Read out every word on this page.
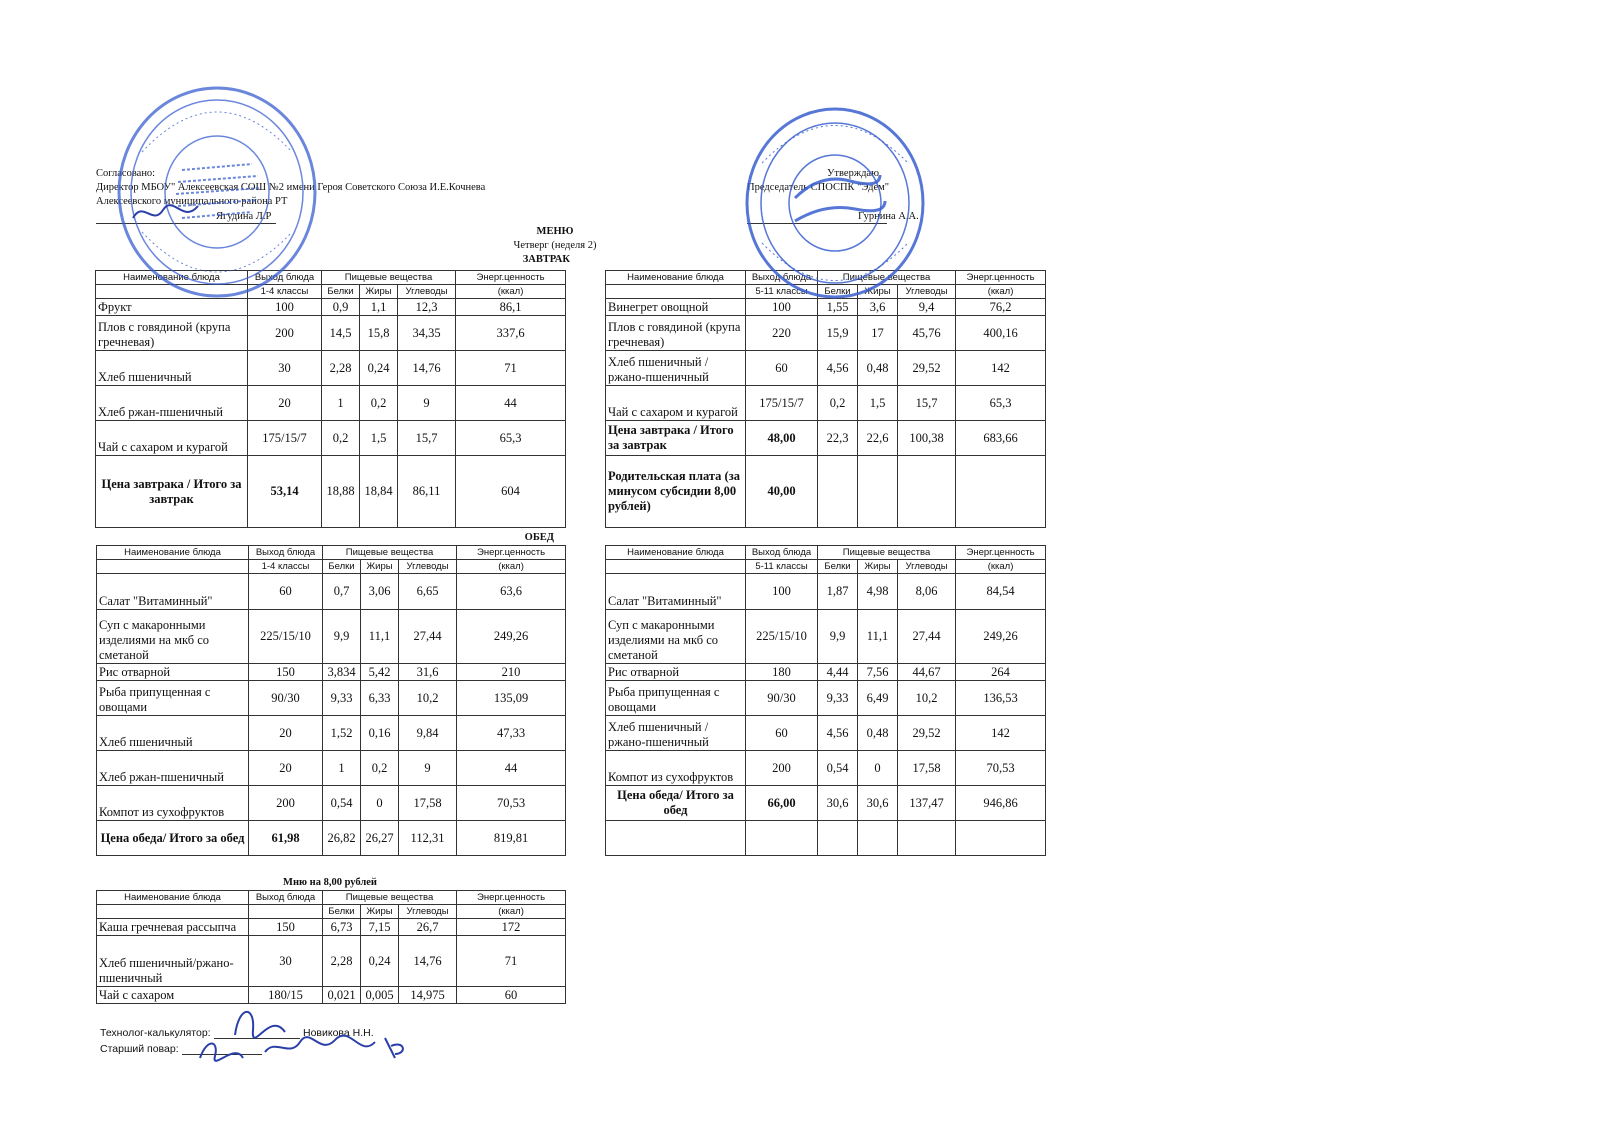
Согласовано:
Директор МБОУ" Алексеевская СОШ №2 имени Героя Советского Союза И.Е.Кочнева
Алексеевского муниципального района РТ

Ягудина Л.Р
Утверждаю
Председатель СПОСПК "Эдем"

Гурнина А.А.
МЕНЮ
Четверг (неделя 2)
ЗАВТРАК
ОБЕД
Мню на 8,00 рублей
Наименование блюда	Выход блюда	Пищевые вещества			Энерг.ценность
	1-4 классы	Белки	Жиры	Углеводы	(ккал)
Фрукт	100	0,9	1,1	12,3	86,1
Плов с говядиной (крупа гречневая)	200	14,5	15,8	34,35	337,6
Хлеб пшеничный	30	2,28	0,24	14,76	71
Хлеб ржан-пшеничный	20	1	0,2	9	44
Чай с сахаром и курагой	175/15/7	0,2	1,5	15,7	65,3
Цена завтрака / Итого за завтрак	53,14	18,88	18,84	86,11	604
Наименование блюда	Выход блюда	Пищевые вещества			Энерг.ценность
	5-11 классы	Белки	Жиры	Углеводы	(ккал)
Винегрет овощной	100	1,55	3,6	9,4	76,2
Плов с говядиной (крупа гречневая)	220	15,9	17	45,76	400,16
Хлеб пшеничный /ржано-пшеничный	60	4,56	0,48	29,52	142
Чай с сахаром и курагой	175/15/7	0,2	1,5	15,7	65,3
Цена завтрака / Итого за завтрак	48,00	22,3	22,6	100,38	683,66
Родительская плата (за минусом субсидии 8,00 рублей)	40,00				
Наименование блюда	Выход блюда	Пищевые вещества			Энерг.ценность
	1-4 классы	Белки	Жиры	Углеводы	(ккал)
Салат "Витаминный"	60	0,7	3,06	6,65	63,6
Суп с макаронными изделиями на мкб со сметаной	225/15/10	9,9	11,1	27,44	249,26
Рис отварной	150	3,834	5,42	31,6	210
Рыба припущенная с овощами	90/30	9,33	6,33	10,2	135,09
Хлеб пшеничный	20	1,52	0,16	9,84	47,33
Хлеб ржан-пшеничный	20	1	0,2	9	44
Компот из сухофруктов	200	0,54	0	17,58	70,53
Цена обеда/ Итого за обед	61,98	26,82	26,27	112,31	819,81
Наименование блюда	Выход блюда	Пищевые вещества			Энерг.ценность
	5-11 классы	Белки	Жиры	Углеводы	(ккал)
Салат "Витаминный"	100	1,87	4,98	8,06	84,54
Суп с макаронными изделиями на мкб со сметаной	225/15/10	9,9	11,1	27,44	249,26
Рис отварной	180	4,44	7,56	44,67	264
Рыба припущенная с овощами	90/30	9,33	6,49	10,2	136,53
Хлеб пшеничный /ржано-пшеничный	60	4,56	0,48	29,52	142
Компот из сухофруктов	200	0,54	0	17,58	70,53
Цена обеда/ Итого за обед	66,00	30,6	30,6	137,47	946,86

Наименование блюда	Выход блюда	Пищевые вещества			Энерг.ценность
		Белки	Жиры	Углеводы	(ккал)
Каша гречневая рассыпча	150	6,73	7,15	26,7	172
Хлеб пшеничный/ржано-пшеничный	30	2,28	0,24	14,76	71
Чай с сахаром	180/15	0,021	0,005	14,975	60
Технолог-калькулятор:	Новикова Н.Н.
Старший повар:
